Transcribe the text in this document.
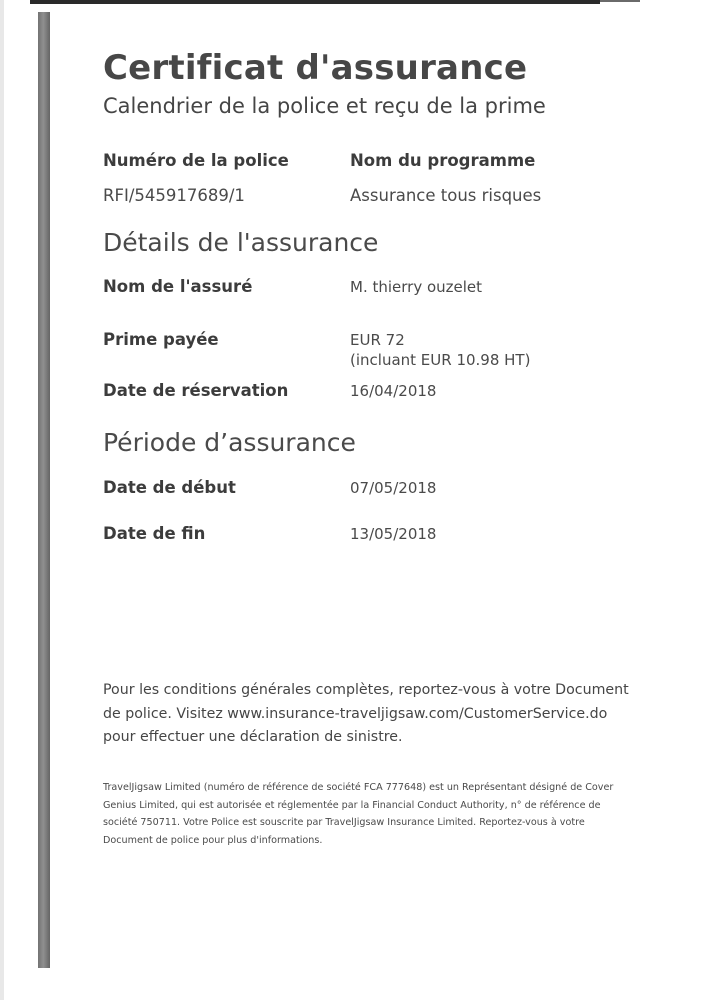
Certificat d'assurance
Calendrier de la police et reçu de la prime
Numéro de la police	Nom du programme
RFI/545917689/1	Assurance tous risques
Détails de l'assurance
Nom de l'assuré	M. thierry ouzelet
Prime payée	EUR 72
(incluant EUR 10.98 HT)
Date de réservation	16/04/2018
Période d’assurance
Date de début	07/05/2018
Date de fin	13/05/2018
Pour les conditions générales complètes, reportez-vous à votre Document de police. Visitez www.insurance-traveljigsaw.com/CustomerService.do pour effectuer une déclaration de sinistre.
TravelJigsaw Limited (numéro de référence de société FCA 777648) est un Représentant désigné de Cover Genius Limited, qui est autorisée et réglementée par la Financial Conduct Authority, n° de référence de société 750711. Votre Police est souscrite par TravelJigsaw Insurance Limited. Reportez-vous à votre Document de police pour plus d'informations.
